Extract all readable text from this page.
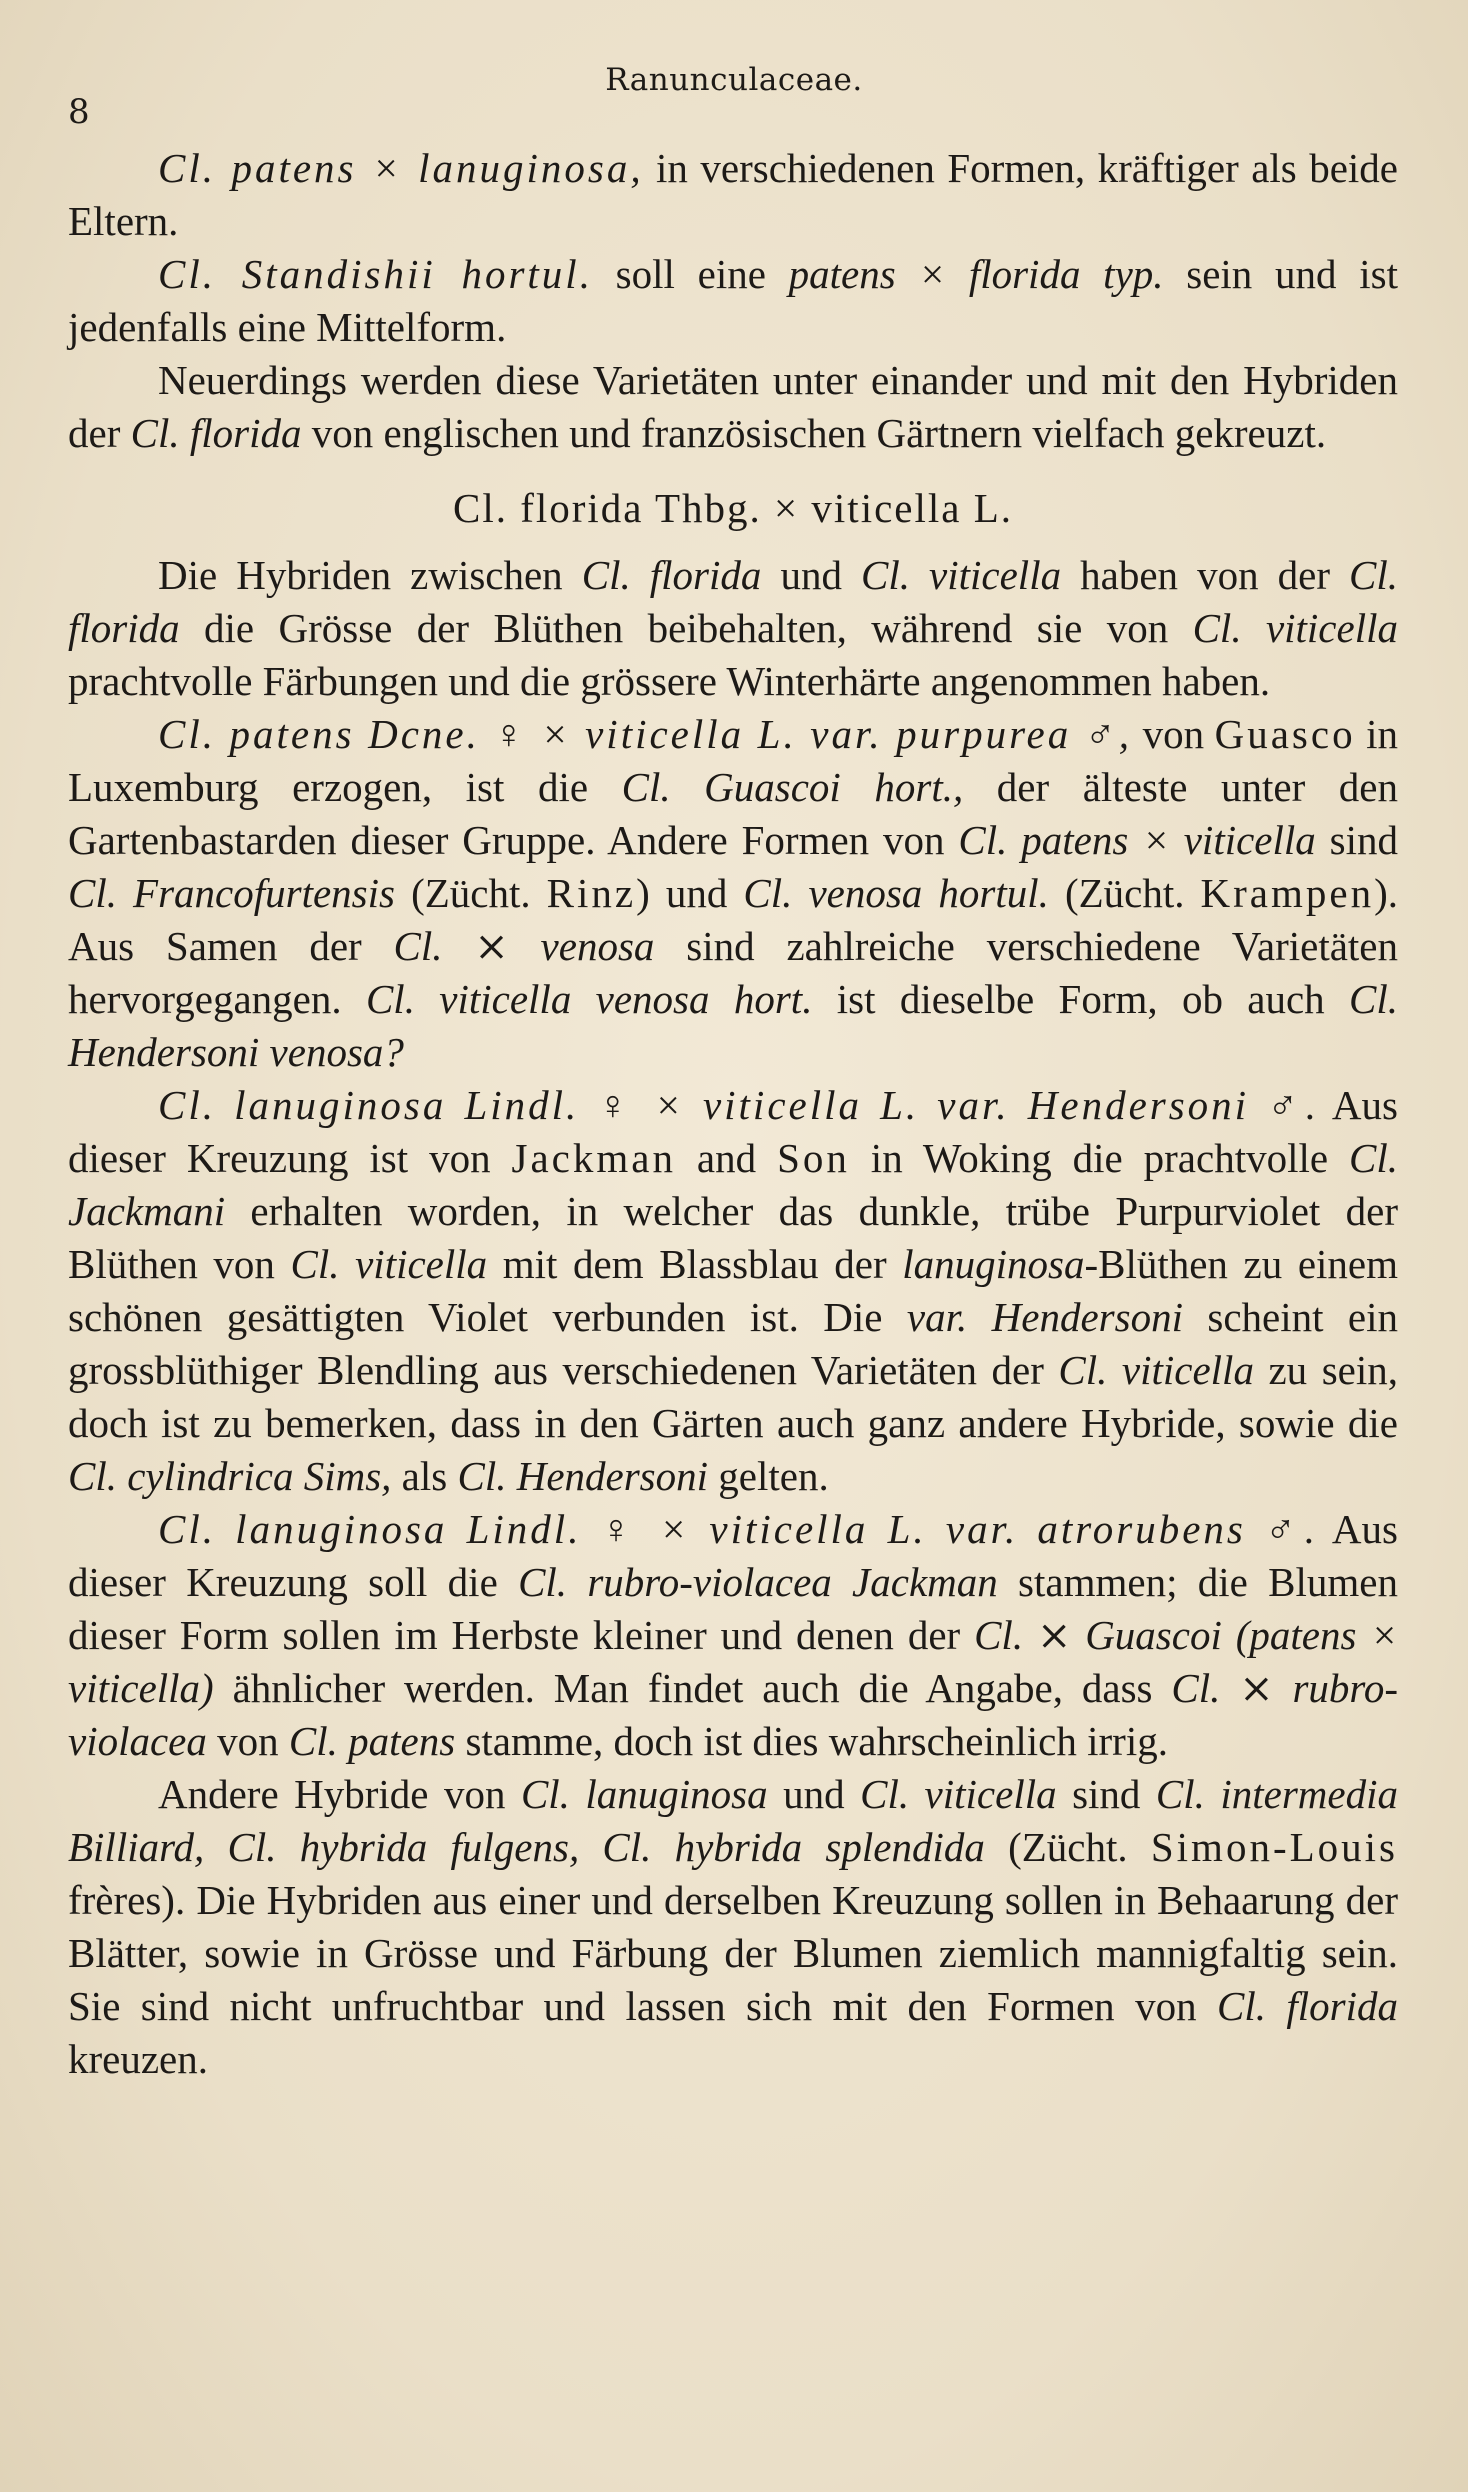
8
Ranunculaceae.

Cl. patens × lanuginosa, in verschiedenen Formen, kräftiger als beide Eltern.

Cl. Standishii hortul. soll eine patens × florida typ. sein und ist jedenfalls eine Mittelform.

Neuerdings werden diese Varietäten unter einander und mit den Hybriden der Cl. florida von englischen und französischen Gärtnern vielfach gekreuzt.

Cl. florida Thbg. × viticella L.

Die Hybriden zwischen Cl. florida und Cl. viticella haben von der Cl. florida die Grösse der Blüthen beibehalten, während sie von Cl. viticella prachtvolle Färbungen und die grössere Winterhärte angenommen haben.

Cl. patens Dcne. ♀ × viticella L. var. purpurea ♂, von Guasco in Luxemburg erzogen, ist die Cl. Guascoi hort., der älteste unter den Gartenbastarden dieser Gruppe. Andere Formen von Cl. patens × viticella sind Cl. Francofurtensis (Zücht. Rinz) und Cl. venosa hortul. (Zücht. Krampen). Aus Samen der Cl. ⨯ venosa sind zahlreiche verschiedene Varietäten hervorgegangen. Cl. viticella venosa hort. ist dieselbe Form, ob auch Cl. Hendersoni venosa?

Cl. lanuginosa Lindl. ♀ × viticella L. var. Hendersoni ♂. Aus dieser Kreuzung ist von Jackman and Son in Woking die prachtvolle Cl. Jackmani erhalten worden, in welcher das dunkle, trübe Purpurviolet der Blüthen von Cl. viticella mit dem Blassblau der lanuginosa-Blüthen zu einem schönen gesättigten Violet verbunden ist. Die var. Hendersoni scheint ein grossblüthiger Blendling aus verschiedenen Varietäten der Cl. viticella zu sein, doch ist zu bemerken, dass in den Gärten auch ganz andere Hybride, sowie die Cl. cylindrica Sims, als Cl. Hendersoni gelten.

Cl. lanuginosa Lindl. ♀ × viticella L. var. atrorubens ♂. Aus dieser Kreuzung soll die Cl. rubro-violacea Jackman stammen; die Blumen dieser Form sollen im Herbste kleiner und denen der Cl. ⨯ Guascoi (patens × viticella) ähnlicher werden. Man findet auch die Angabe, dass Cl. ⨯ rubro-violacea von Cl. patens stamme, doch ist dies wahrscheinlich irrig.

Andere Hybride von Cl. lanuginosa und Cl. viticella sind Cl. intermedia Billiard, Cl. hybrida fulgens, Cl. hybrida splendida (Zücht. Simon-Louis frères). Die Hybriden aus einer und derselben Kreuzung sollen in Behaarung der Blätter, sowie in Grösse und Färbung der Blumen ziemlich mannigfaltig sein. Sie sind nicht unfruchtbar und lassen sich mit den Formen von Cl. florida kreuzen.
